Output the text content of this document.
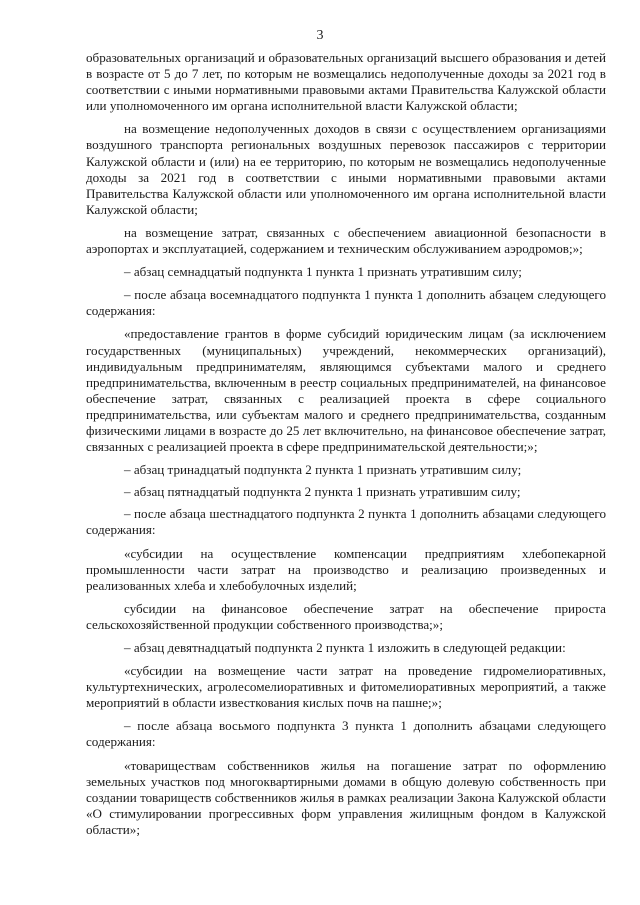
3

образовательных организаций и образовательных организаций высшего образования и детей в возрасте от 5 до 7 лет, по которым не возмещались недополученные доходы за 2021 год в соответствии с иными нормативными правовыми актами Правительства Калужской области или уполномоченного им органа исполнительной власти Калужской области;

на возмещение недополученных доходов в связи с осуществлением организациями воздушного транспорта региональных воздушных перевозок пассажиров с территории Калужской области и (или) на ее территорию, по которым не возмещались недополученные доходы за 2021 год в соответствии с иными нормативными правовыми актами Правительства Калужской области или уполномоченного им органа исполнительной власти Калужской области;

на возмещение затрат, связанных с обеспечением авиационной безопасности в аэропортах и эксплуатацией, содержанием и техническим обслуживанием аэродромов;»;

– абзац семнадцатый подпункта 1 пункта 1 признать утратившим силу;

– после абзаца восемнадцатого подпункта 1 пункта 1 дополнить абзацем следующего содержания:

«предоставление грантов в форме субсидий юридическим лицам (за исключением государственных (муниципальных) учреждений, некоммерческих организаций), индивидуальным предпринимателям, являющимся субъектами малого и среднего предпринимательства, включенным в реестр социальных предпринимателей, на финансовое обеспечение затрат, связанных с реализацией проекта в сфере социального предпринимательства, или субъектам малого и среднего предпринимательства, созданным физическими лицами в возрасте до 25 лет включительно, на финансовое обеспечение затрат, связанных с реализацией проекта в сфере предпринимательской деятельности;»;

– абзац тринадцатый подпункта 2 пункта 1 признать утратившим силу;

– абзац пятнадцатый подпункта 2 пункта 1 признать утратившим силу;

– после абзаца шестнадцатого подпункта 2 пункта 1 дополнить абзацами следующего содержания:

«субсидии на осуществление компенсации предприятиям хлебопекарной промышленности части затрат на производство и реализацию произведенных и реализованных хлеба и хлебобулочных изделий;

субсидии на финансовое обеспечение затрат на обеспечение прироста сельскохозяйственной продукции собственного производства;»;

– абзац девятнадцатый подпункта 2 пункта 1 изложить в следующей редакции:

«субсидии на возмещение части затрат на проведение гидромелиоративных, культуртехнических, агролесомелиоративных и фитомелиоративных мероприятий, а также мероприятий в области известкования кислых почв на пашне;»;

– после абзаца восьмого подпункта 3 пункта 1 дополнить абзацами следующего содержания:

«товариществам собственников жилья на погашение затрат по оформлению земельных участков под многоквартирными домами в общую долевую собственность при создании товариществ собственников жилья в рамках реализации Закона Калужской области «О стимулировании прогрессивных форм управления жилищным фондом в Калужской области»;
